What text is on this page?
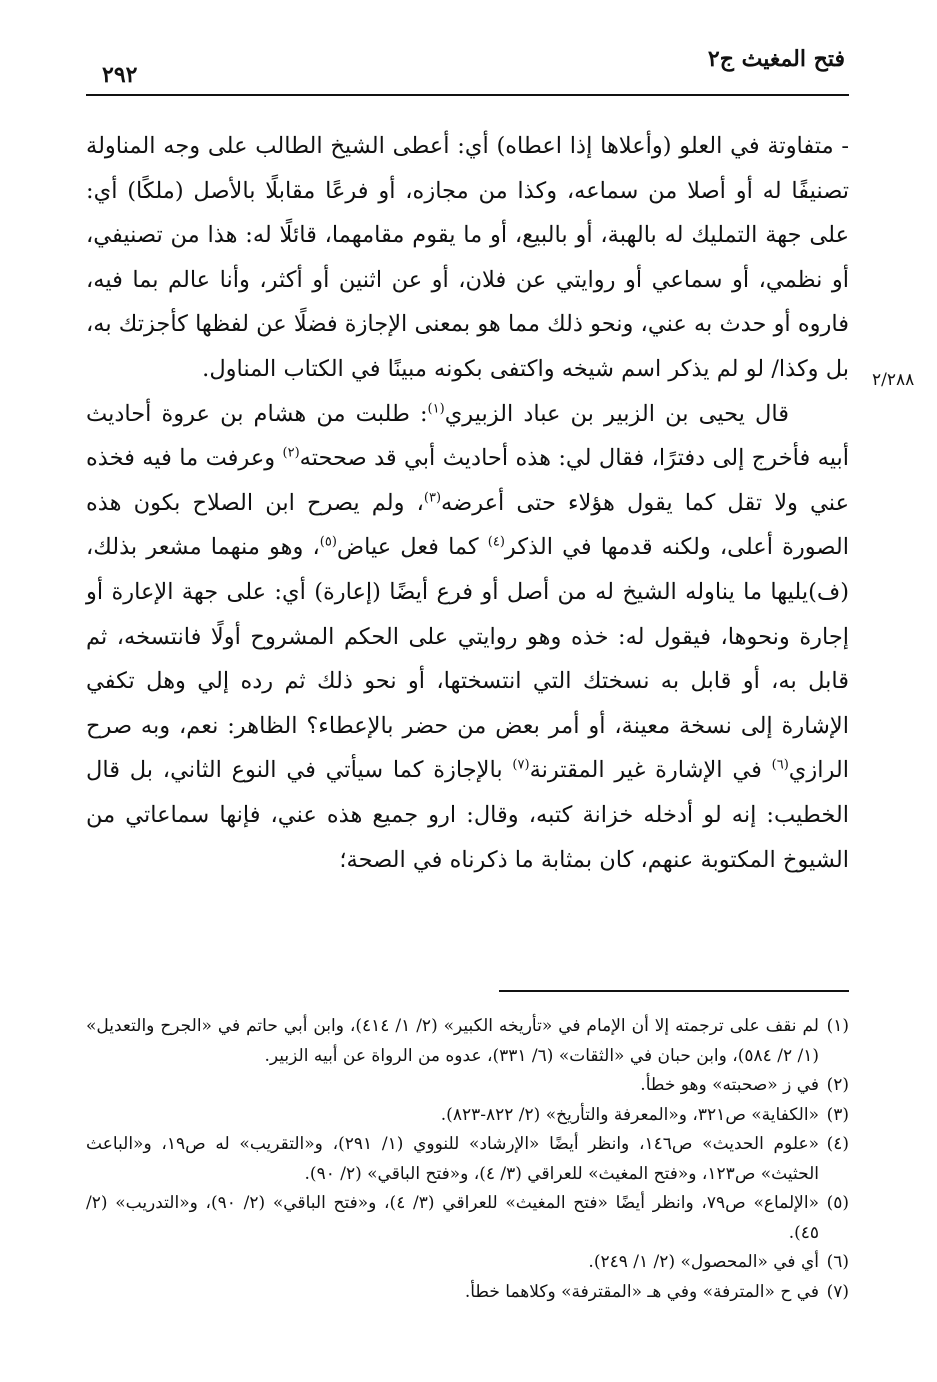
فتح المغيث ج٢
٢٩٢
٢/٢٨٨

- متفاوتة في العلو (وأعلاها إذا اعطاه) أي: أعطى الشيخ الطالب على وجه المناولة تصنيفًا له أو أصلا من سماعه، وكذا من مجازه، أو فرعًا مقابلًا بالأصل (ملكًا) أي: على جهة التمليك له بالهبة، أو بالبيع، أو ما يقوم مقامهما، قائلًا له: هذا من تصنيفي، أو نظمي، أو سماعي أو روايتي عن فلان، أو عن اثنين أو أكثر، وأنا عالم بما فيه، فاروه أو حدث به عني، ونحو ذلك مما هو بمعنى الإجازة فضلًا عن لفظها كأجزتك به، بل وكذا/ لو لم يذكر اسم شيخه واكتفى بكونه مبينًا في الكتاب المناول.

قال يحيى بن الزبير بن عباد الزبيري$^{(١)}$: طلبت من هشام بن عروة أحاديث أبيه فأخرج إلى دفترًا، فقال لي: هذه أحاديث أبي قد صححته$^{(٢)}$ وعرفت ما فيه فخذه عني ولا تقل كما يقول هؤلاء حتى أعرضه$^{(٣)}$، ولم يصرح ابن الصلاح بكون هذه الصورة أعلى، ولكنه قدمها في الذكر$^{(٤)}$ كما فعل عياض$^{(٥)}$، وهو منهما مشعر بذلك، (ف)يليها ما يناوله الشيخ له من أصل أو فرع أيضًا (إعارة) أي: على جهة الإعارة أو إجارة ونحوها، فيقول له: خذه وهو روايتي على الحكم المشروح أولًا فانتسخه، ثم قابل به، أو قابل به نسختك التي انتسختها، أو نحو ذلك ثم رده إلي وهل تكفي الإشارة إلى نسخة معينة، أو أمر بعض من حضر بالإعطاء؟ الظاهر: نعم، وبه صرح الرازي$^{(٦)}$ في الإشارة غير المقترنة$^{(٧)}$ بالإجازة كما سيأتي في النوع الثاني، بل قال الخطيب: إنه لو أدخله خزانة كتبه، وقال: ارو جميع هذه عني، فإنها سماعاتي من الشيوخ المكتوبة عنهم، كان بمثابة ما ذكرناه في الصحة؛

(١)
لم نقف على ترجمته إلا أن الإمام في «تأريخه الكبير» (٢/ ١/ ٤١٤)، وابن أبي حاتم في «الجرح والتعديل» (١/ ٢/ ٥٨٤)، وابن حبان في «الثقات» (٦/ ٣٣١)، عدوه من الرواة عن أبيه الزبير.
(٢)
في ز «صحبته» وهو خطأ.
(٣)
«الكفاية» ص٣٢١، و«المعرفة والتأريخ» (٢/ ٨٢٢-٨٢٣).
(٤)
«علوم الحديث» ص١٤٦، وانظر أيضًا «الإرشاد» للنووي (١/ ٢٩١)، و«التقريب» له ص١٩، و«الباعث الحثيث» ص١٢٣، و«فتح المغيث» للعراقي (٣/ ٤)، و«فتح الباقي» (٢/ ٩٠).
(٥)
«الإلماع» ص٧٩، وانظر أيضًا «فتح المغيث» للعراقي (٣/ ٤)، و«فتح الباقي» (٢/ ٩٠)، و«التدريب» (٢/ ٤٥).
(٦)
أي في «المحصول» (٢/ ١/ ٢٤٩).
(٧)
في ح «المترفة» وفي هـ «المقترفة» وكلاهما خطأ.
